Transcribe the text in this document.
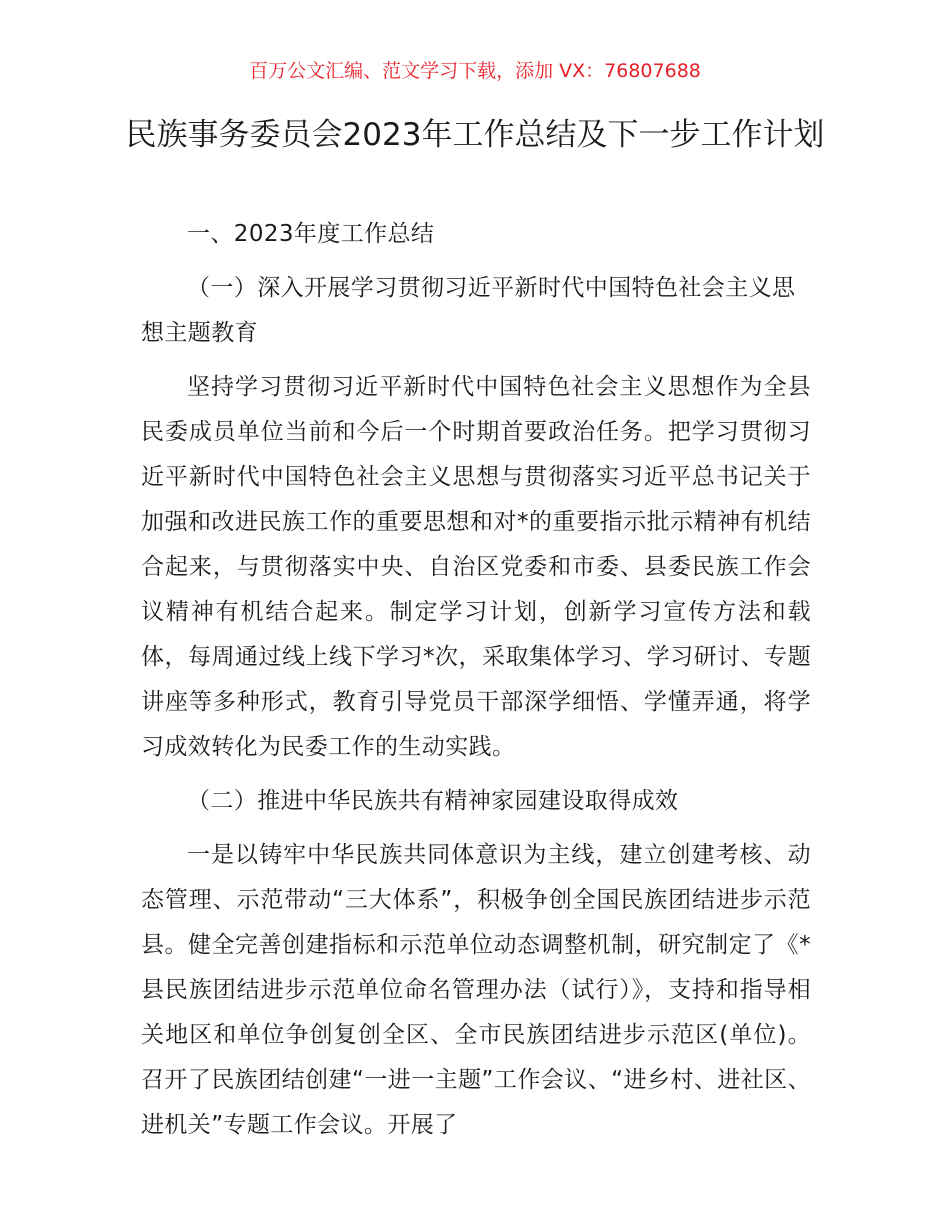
百万公文汇编、范文学习下载，添加 VX：76807688
民族事务委员会2023年工作总结及下一步工作计划

一、2023年度工作总结

（一）深入开展学习贯彻习近平新时代中国特色社会主义思想主题教育

坚持学习贯彻习近平新时代中国特色社会主义思想作为全县民委成员单位当前和今后一个时期首要政治任务。把学习贯彻习近平新时代中国特色社会主义思想与贯彻落实习近平总书记关于加强和改进民族工作的重要思想和对*的重要指示批示精神有机结合起来，与贯彻落实中央、自治区党委和市委、县委民族工作会议精神有机结合起来。制定学习计划，创新学习宣传方法和载体，每周通过线上线下学习*次，采取集体学习、学习研讨、专题讲座等多种形式，教育引导党员干部深学细悟、学懂弄通，将学习成效转化为民委工作的生动实践。

（二）推进中华民族共有精神家园建设取得成效

一是以铸牢中华民族共同体意识为主线，建立创建考核、动态管理、示范带动“三大体系”，积极争创全国民族团结进步示范县。健全完善创建指标和示范单位动态调整机制，研究制定了《*县民族团结进步示范单位命名管理办法（试行）》，支持和指导相关地区和单位争创复创全区、全市民族团结进步示范区(单位)。召开了民族团结创建“一进一主题”工作会议、“进乡村、进社区、进机关”专题工作会议。开展了
